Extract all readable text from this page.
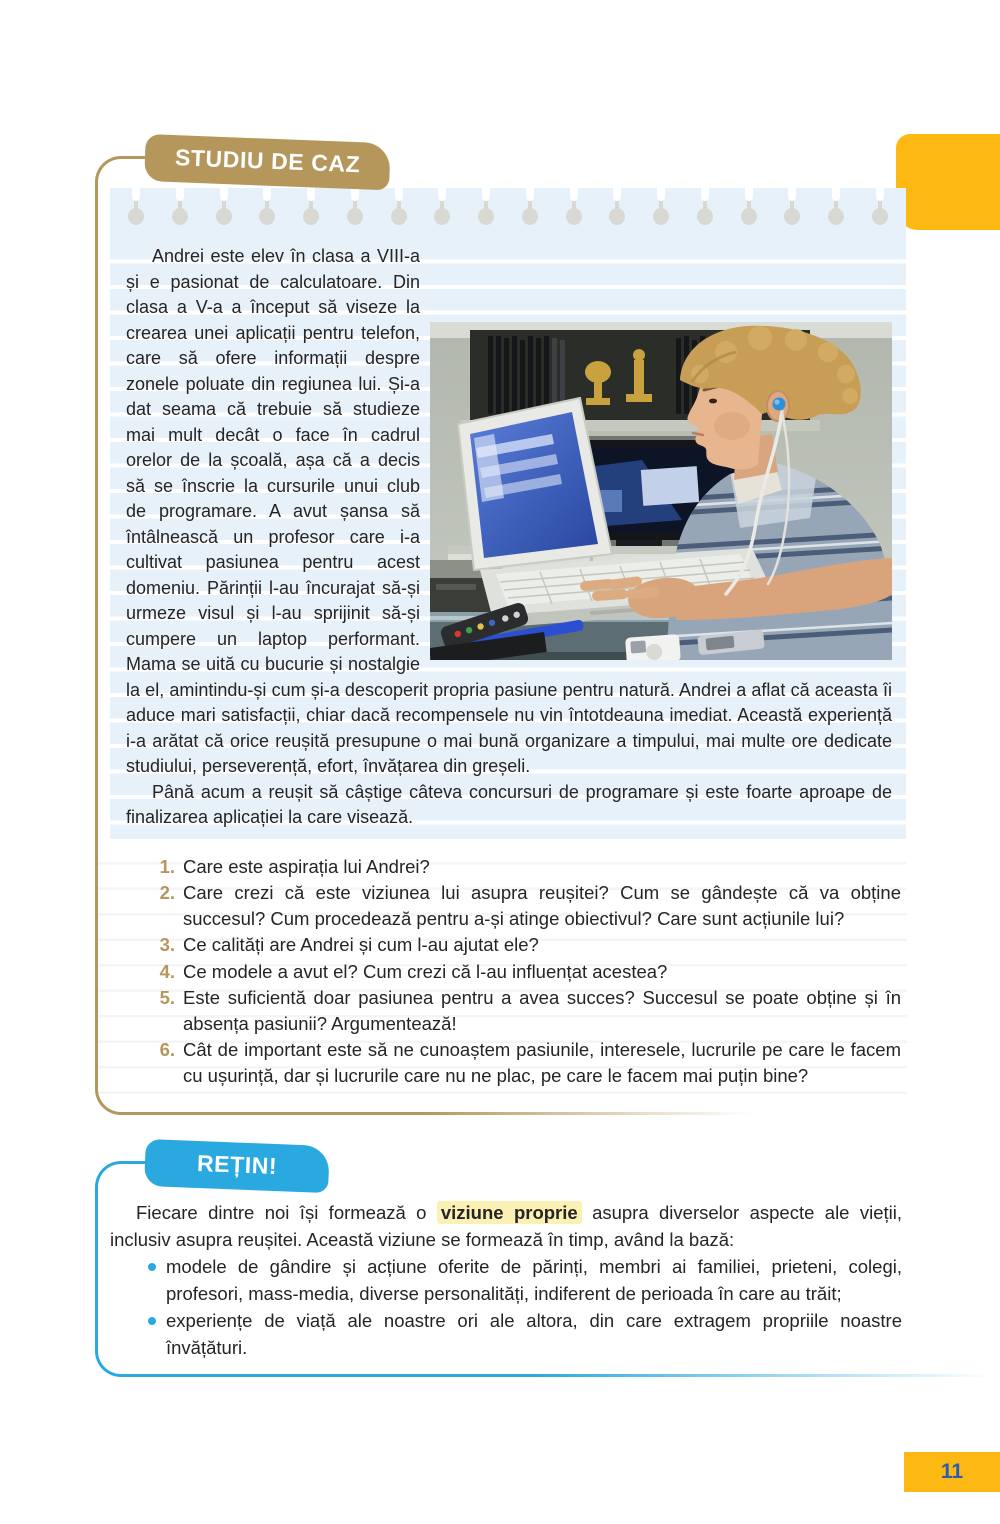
STUDIU DE CAZ

Andrei este elev în clasa a VIII-a și e pasionat de calculatoare. Din clasa a V-a a început să viseze la crearea unei aplicații pentru telefon, care să ofere informații despre zonele poluate din regiunea lui. Și-a dat seama că trebuie să studieze mai mult decât o face în cadrul orelor de la școală, așa că a decis să se înscrie la cursurile unui club de programare. A avut șansa să întâlnească un profesor care i-a cultivat pasiunea pentru acest domeniu. Părinții l-au încurajat să-și urmeze visul și l-au sprijinit să-și cumpere un laptop performant. Mama se uită cu bucurie și nostalgie la el, amintindu-și cum și-a descoperit propria pasiune pentru natură. Andrei a aflat că aceasta îi aduce mari satisfacții, chiar dacă recompensele nu vin întotdeauna imediat. Această experiență i-a arătat că orice reușită presupune o mai bună organizare a timpului, mai multe ore dedicate studiului, perseverență, efort, învățarea din greșeli.

Până acum a reușit să câștige câteva concursuri de programare și este foarte aproape de finalizarea aplicației la care visează.

1. Care este aspirația lui Andrei?
2. Care crezi că este viziunea lui asupra reușitei? Cum se gândește că va obține succesul? Cum procedează pentru a-și atinge obiectivul? Care sunt acțiunile lui?
3. Ce calități are Andrei și cum l-au ajutat ele?
4. Ce modele a avut el? Cum crezi că l-au influențat acestea?
5. Este suficientă doar pasiunea pentru a avea succes? Succesul se poate obține și în absența pasiunii? Argumentează!
6. Cât de important este să ne cunoaștem pasiunile, interesele, lucrurile pe care le facem cu ușurință, dar și lucrurile care nu ne plac, pe care le facem mai puțin bine?
REȚIN!

Fiecare dintre noi își formează o viziune proprie asupra diverselor aspecte ale vieții, inclusiv asupra reușitei. Această viziune se formează în timp, având la bază:

modele de gândire și acțiune oferite de părinți, membri ai familiei, prieteni, colegi, profesori, mass-media, diverse personalități, indiferent de perioada în care au trăit;
experiențe de viață ale noastre ori ale altora, din care extragem propriile noastre învățături.
11
